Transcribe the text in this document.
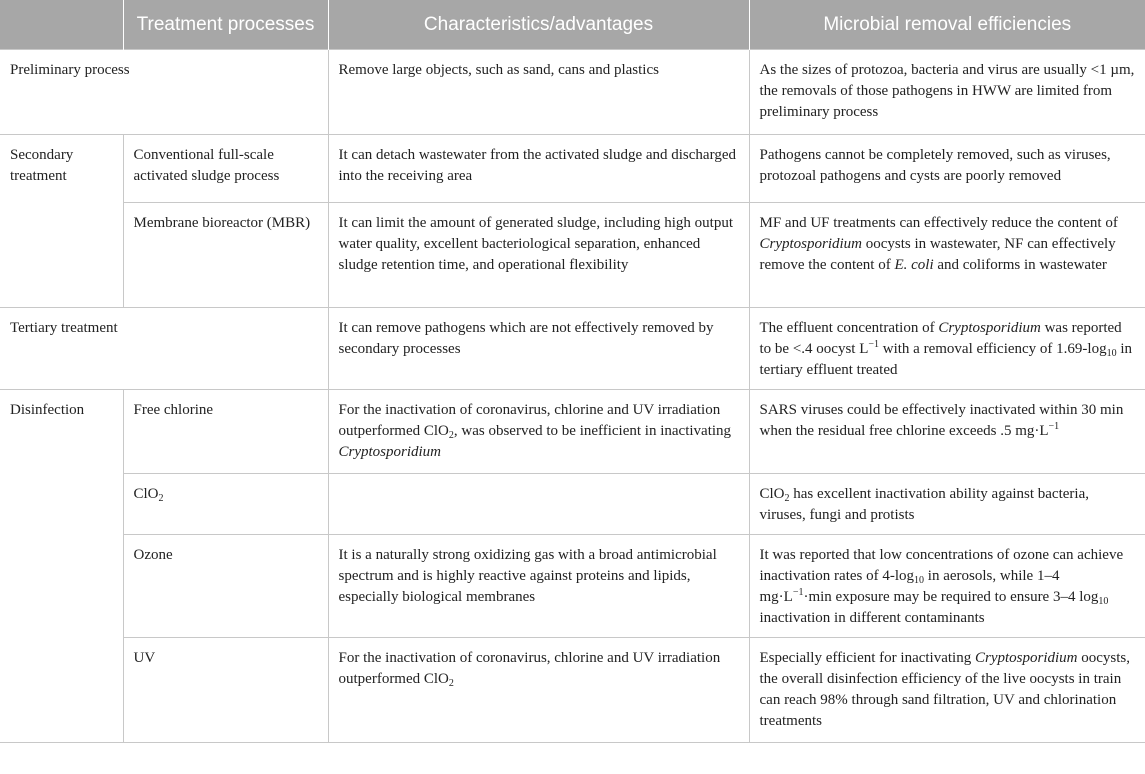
	Treatment processes	Characteristics/advantages	Microbial removal efficiencies
Preliminary process		Remove large objects, such as sand, cans and plastics	As the sizes of protozoa, bacteria and virus are usually <1 µm, the removals of those pathogens in HWW are limited from preliminary process
Secondary treatment	Conventional full-scale activated sludge process	It can detach wastewater from the activated sludge and discharged into the receiving area	Pathogens cannot be completely removed, such as viruses, protozoal pathogens and cysts are poorly removed
	Membrane bioreactor (MBR)	It can limit the amount of generated sludge, including high output water quality, excellent bacteriological separation, enhanced sludge retention time, and operational flexibility	MF and UF treatments can effectively reduce the content of Cryptosporidium oocysts in wastewater, NF can effectively remove the content of E. coli and coliforms in wastewater
Tertiary treatment		It can remove pathogens which are not effectively removed by secondary processes	The effluent concentration of Cryptosporidium was reported to be <.4 oocyst $L^{-1}$ with a removal efficiency of $1.69-\log_{10}$ in tertiary effluent treated
Disinfection	Free chlorine	For the inactivation of coronavirus, chlorine and UV irradiation outperformed ClO$_2$, was observed to be inefficient in inactivating Cryptosporidium	SARS viruses could be effectively inactivated within 30 min when the residual free chlorine exceeds .5 $mg\cdot L^{-1}$
	ClO$_2$		ClO$_2$ has excellent inactivation ability against bacteria, viruses, fungi and protists
	Ozone	It is a naturally strong oxidizing gas with a broad antimicrobial spectrum and is highly reactive against proteins and lipids, especially biological membranes	It was reported that low concentrations of ozone can achieve inactivation rates of $4-\log_{10}$ in aerosols, while 1–4 $mg\cdot L^{-1}\cdot\min$ exposure may be required to ensure 3–4 $\log_{10}$ inactivation in different contaminants
	UV	For the inactivation of coronavirus, chlorine and UV irradiation outperformed ClO$_2$	Especially efficient for inactivating Cryptosporidium oocysts, the overall disinfection efficiency of the live oocysts in train can reach 98% through sand filtration, UV and chlorination treatments
